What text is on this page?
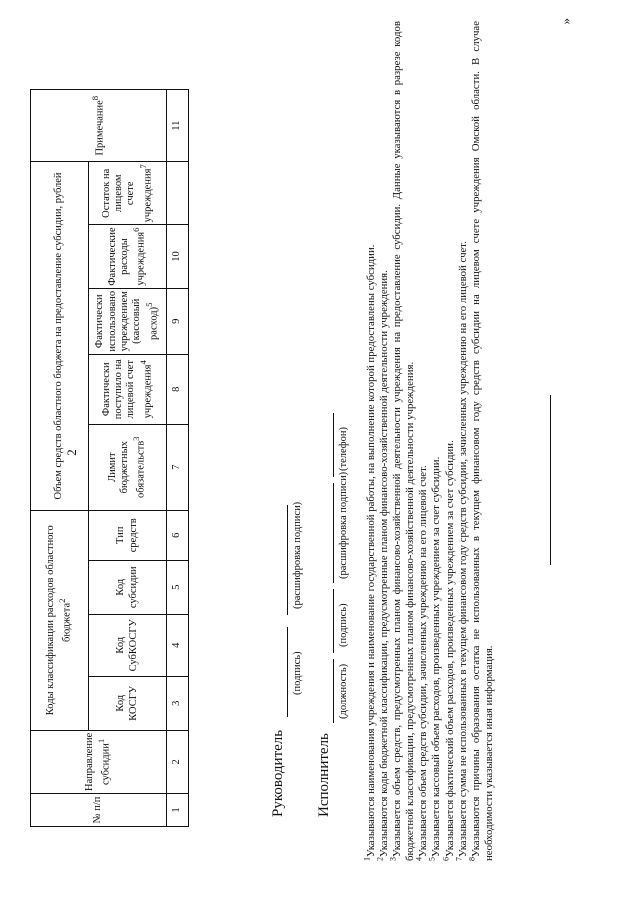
2
№ п/п	Направление субсидии$^1$	Коды классификации расходов областного бюджета$^2$				Объем средств областного бюджета на предоставление субсидии, рублей					Примечание$^8$
		Код КОСГУ	Код СубКОСГУ	Код субсидии	Тип средств	Лимит бюджетных обязательств$^3$	Фактически поступило на лицевой счет учреждения$^4$	Фактически использовано учреждением (кассовый расход)$^5$	Фактические расходы учреждения$^6$	Остаток на лицевом счете учреждения$^7$
1	2	3	4	5	6	7	8	9	10		11
Руководитель
(подпись)
(расшифровка подписи)
Исполнитель
(должность)
(подпись)
(расшифровка подписи)
(телефон)
$^1$Указываются наименования учреждения и наименование государственной работы, на выполнение которой предоставлены субсидии.
$^2$Указываются коды бюджетной классификации, предусмотренные планом финансово-хозяйственной деятельности учреждения.
$^3$Указывается объем средств, предусмотренных планом финансово-хозяйственной деятельности учреждения на предоставление субсидии. Данные указываются в разрезе кодов бюджетной классификации, предусмотренных планом финансово-хозяйственной деятельности учреждения.
$^4$Указывается объем средств субсидии, зачисленных учреждению на его лицевой счет.
$^5$Указывается кассовый объем расходов, произведенных учреждением за счет субсидии.
$^6$Указывается фактический объем расходов, произведенных учреждением за счет субсидии.
$^7$Указывается сумма не использованных в текущем финансовом году средств субсидии, зачисленных учреждению на его лицевой счет.
$^8$Указываются причины образования остатка не использованных в текущем финансовом году средств субсидии на лицевом счете учреждения Омской области. В случае необходимости указывается иная информация.
»
